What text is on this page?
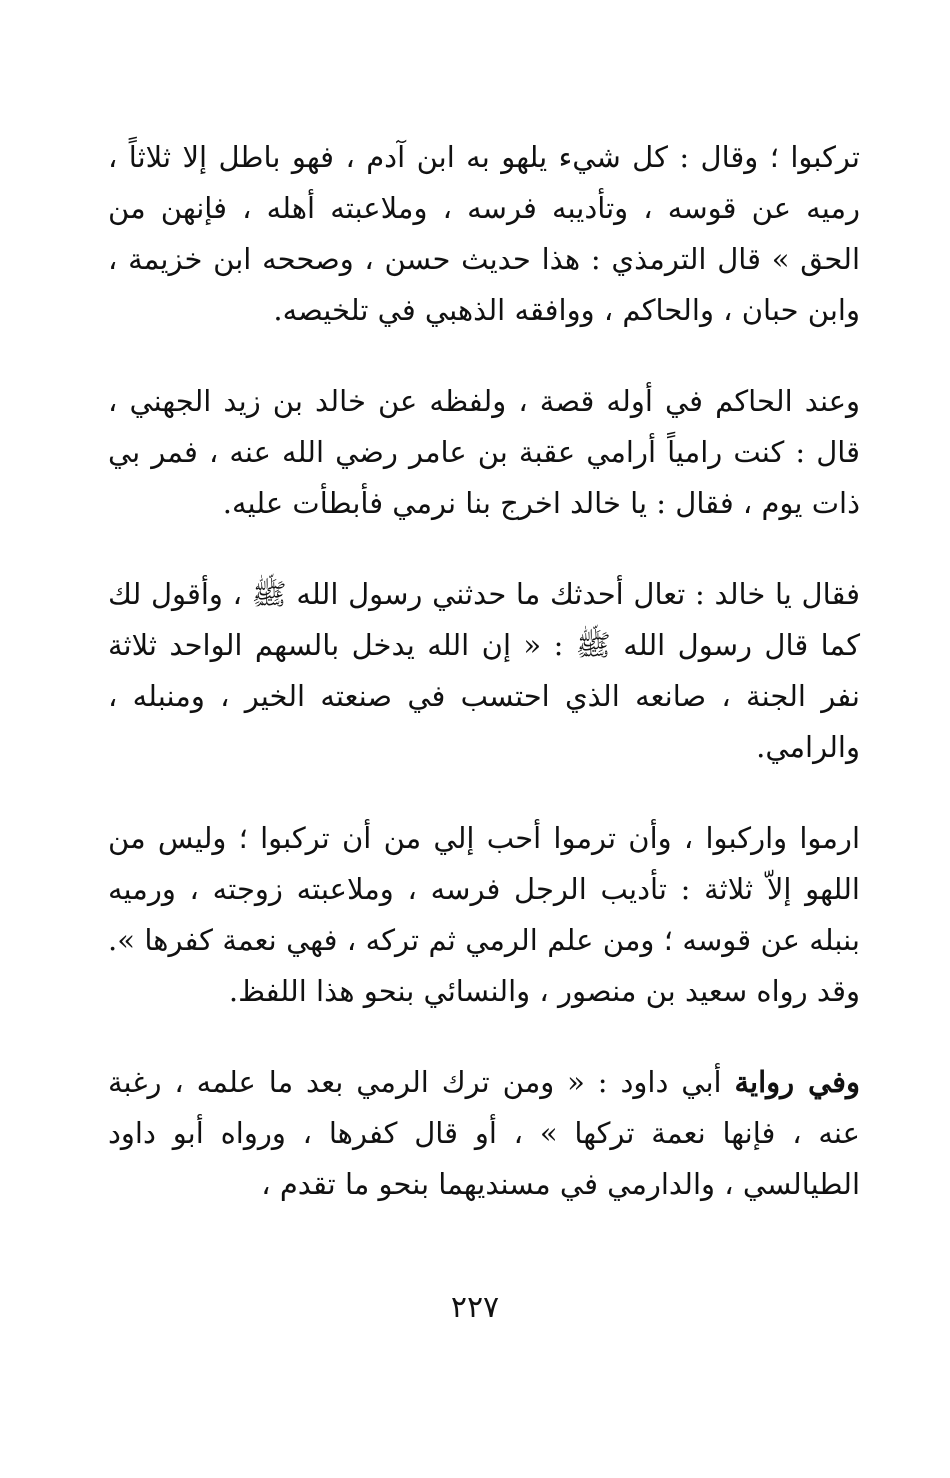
تركبوا ؛ وقال : كل شيء يلهو به ابن آدم ، فهو باطل إلا ثلاثاً ، رميه عن قوسه ، وتأديبه فرسه ، وملاعبته أهله ، فإنهن من الحق » قال الترمذي : هذا حديث حسن ، وصححه ابن خزيمة ، وابن حبان ، والحاكم ، ووافقه الذهبي في تلخيصه.

وعند الحاكم في أوله قصة ، ولفظه عن خالد بن زيد الجهني ، قال : كنت رامياً أرامي عقبة بن عامر رضي الله عنه ، فمر بي ذات يوم ، فقال : يا خالد اخرج بنا نرمي فأبطأت عليه.

فقال يا خالد : تعال أحدثك ما حدثني رسول الله ﷺ ، وأقول لك كما قال رسول الله ﷺ : « إن الله يدخل بالسهم الواحد ثلاثة نفر الجنة ، صانعه الذي احتسب في صنعته الخير ، ومنبله ، والرامي.

ارموا واركبوا ، وأن ترموا أحب إلي من أن تركبوا ؛ وليس من اللهو إلاّ ثلاثة : تأديب الرجل فرسه ، وملاعبته زوجته ، ورميه بنبله عن قوسه ؛ ومن علم الرمي ثم تركه ، فهي نعمة كفرها ». وقد رواه سعيد بن منصور ، والنسائي بنحو هذا اللفظ.

وفي رواية أبي داود : « ومن ترك الرمي بعد ما علمه ، رغبة عنه ، فإنها نعمة تركها » ، أو قال كفرها ، ورواه أبو داود الطيالسي ، والدارمي في مسنديهما بنحو ما تقدم ،

٢٢٧
